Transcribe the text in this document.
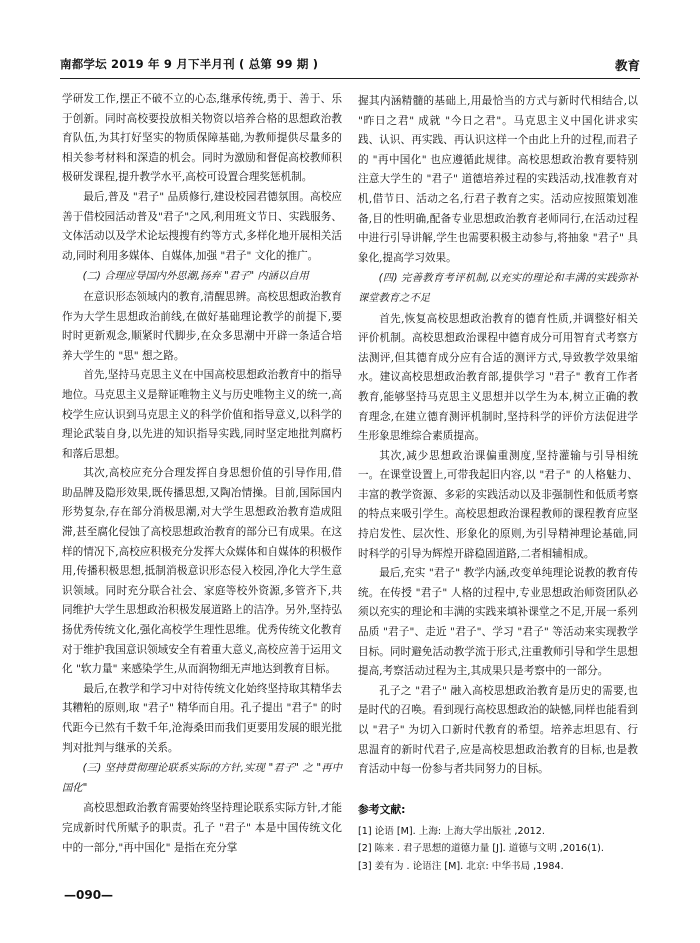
南都学坛 2019 年 9 月下半月刊 ( 总第 99 期 )	教育

学研发工作,摆正不破不立的心态,继承传统,勇于、善于、乐于创新。同时高校要投放相关物资以培养合格的思想政治教育队伍,为其打好坚实的物质保障基础,为教师提供尽量多的相关参考材料和深造的机会。同时为激励和督促高校教师积极研发课程,提升教学水平,高校可设置合理奖惩机制。

最后,普及 "君子" 品质修行,建设校园君德氛围。高校应善于借校园活动普及"君子"之风,利用班文节日、实践服务、文体活动以及学术论坛搜搜有约等方式,多样化地开展相关活动,同时利用多媒体、自媒体,加强 "君子" 文化的推广。

(二) 合理应导国内外思潮,扬弃 "君子" 内涵以自用

在意识形态领域内的教育,清醒思辨。高校思想政治教育作为大学生思想政治前线,在做好基础理论教学的前提下,要时时更新观念,顺紧时代脚步,在众多思潮中开辟一条适合培养大学生的 "思" 想之路。

首先,坚持马克思主义在中国高校思想政治教育中的指导地位。马克思主义是辩证唯物主义与历史唯物主义的统一,高校学生应认识到马克思主义的科学价值和指导意义,以科学的理论武装自身,以先进的知识指导实践,同时坚定地批判腐朽和落后思想。

其次,高校应充分合理发挥自身思想价值的引导作用,借助品牌及隐形效果,既传播思想,又陶冶情操。目前,国际国内形势复杂,存在部分消极思潮,对大学生思想政治教育造成阻滞,甚至腐化侵蚀了高校思想政治教育的部分已有成果。在这样的情况下,高校应积极充分发挥大众媒体和自媒体的积极作用,传播积极思想,抵制消极意识形态侵入校园,净化大学生意识领域。同时充分联合社会、家庭等校外资源,多管齐下,共同维护大学生思想政治积极发展道路上的洁净。另外,坚持弘扬优秀传统文化,强化高校学生理性思维。优秀传统文化教育对于维护我国意识领域安全有着重大意义,高校应善于运用文化 "软力量" 来感染学生,从而润物细无声地达到教育目标。

最后,在教学和学习中对待传统文化始终坚持取其精华去其糟粕的原则,取 "君子" 精华而自用。孔子提出 "君子" 的时代距今已然有千数千年,沧海桑田而我们更要用发展的眼光批判对批判与继承的关系。

(三) 坚持贯彻理论联系实际的方针,实现 "君子" 之 "再中国化"

高校思想政治教育需要始终坚持理论联系实际方针,才能完成新时代所赋予的职责。孔子 "君子" 本是中国传统文化中的一部分,"再中国化" 是指在充分掌

握其内涵精髓的基础上,用最恰当的方式与新时代相结合,以 "昨日之君" 成就 "今日之君"。马克思主义中国化讲求实践、认识、再实践、再认识这样一个由此上升的过程,而君子的 "再中国化" 也应遵循此规律。高校思想政治教育要特别注意大学生的 "君子" 道德培养过程的实践活动,找准教育对机,借节日、活动之名,行君子教育之实。活动应按照策划准备,目的性明确,配备专业思想政治教育老师同行,在活动过程中进行引导讲解,学生也需要积极主动参与,将抽象 "君子" 具象化,提高学习效果。

(四) 完善教育考评机制,以充实的理论和丰满的实践弥补课堂教育之不足

首先,恢复高校思想政治教育的德育性质,并调整好相关评价机制。高校思想政治课程中德育成分可用智育式考察方法测评,但其德育成分应有合适的测评方式,导致教学效果缩水。建议高校思想政治教育部,提供学习 "君子" 教育工作者教育,能够坚持马克思主义思想并以学生为本,树立正确的教育理念,在建立德育测评机制时,坚持科学的评价方法促进学生形象思维综合素质提高。

其次,减少思想政治课偏重测度,坚持灌输与引导相统一。在课堂设置上,可带我起旧内容,以 "君子" 的人格魅力、丰富的教学资源、多彩的实践活动以及非强制性和低质考察的特点来吸引学生。高校思想政治课程教师的课程教育应坚持启发性、层次性、形象化的原则,为引导精神理论基础,同时科学的引导为辉煌开辟稳固道路,二者相辅相成。

最后,充实 "君子" 教学内涵,改变单纯理论说教的教育传统。在传授 "君子" 人格的过程中,专业思想政治师资团队必须以充实的理论和丰满的实践来填补课堂之不足,开展一系列品质 "君子"、走近 "君子"、学习 "君子" 等活动来实现教学目标。同时避免活动教学流于形式,注重教师引导和学生思想提高,考察活动过程为主,其成果只是考察中的一部分。

孔子之 "君子" 融入高校思想政治教育是历史的需要,也是时代的召唤。看到现行高校思想政治的缺憾,同样也能看到以 "君子" 为切入口新时代教育的希望。培养志坦思有、行思温育的新时代君子,应是高校思想政治教育的目标,也是教育活动中每一份参与者共同努力的目标。

参考文献:
[1] 论语 [M]. 上海: 上海大学出版社 ,2012.
[2] 陈来 . 君子思想的道德力量 [J]. 道德与文明 ,2016(1).
[3] 姜有为 . 论语注 [M]. 北京: 中华书局 ,1984.
—090—
